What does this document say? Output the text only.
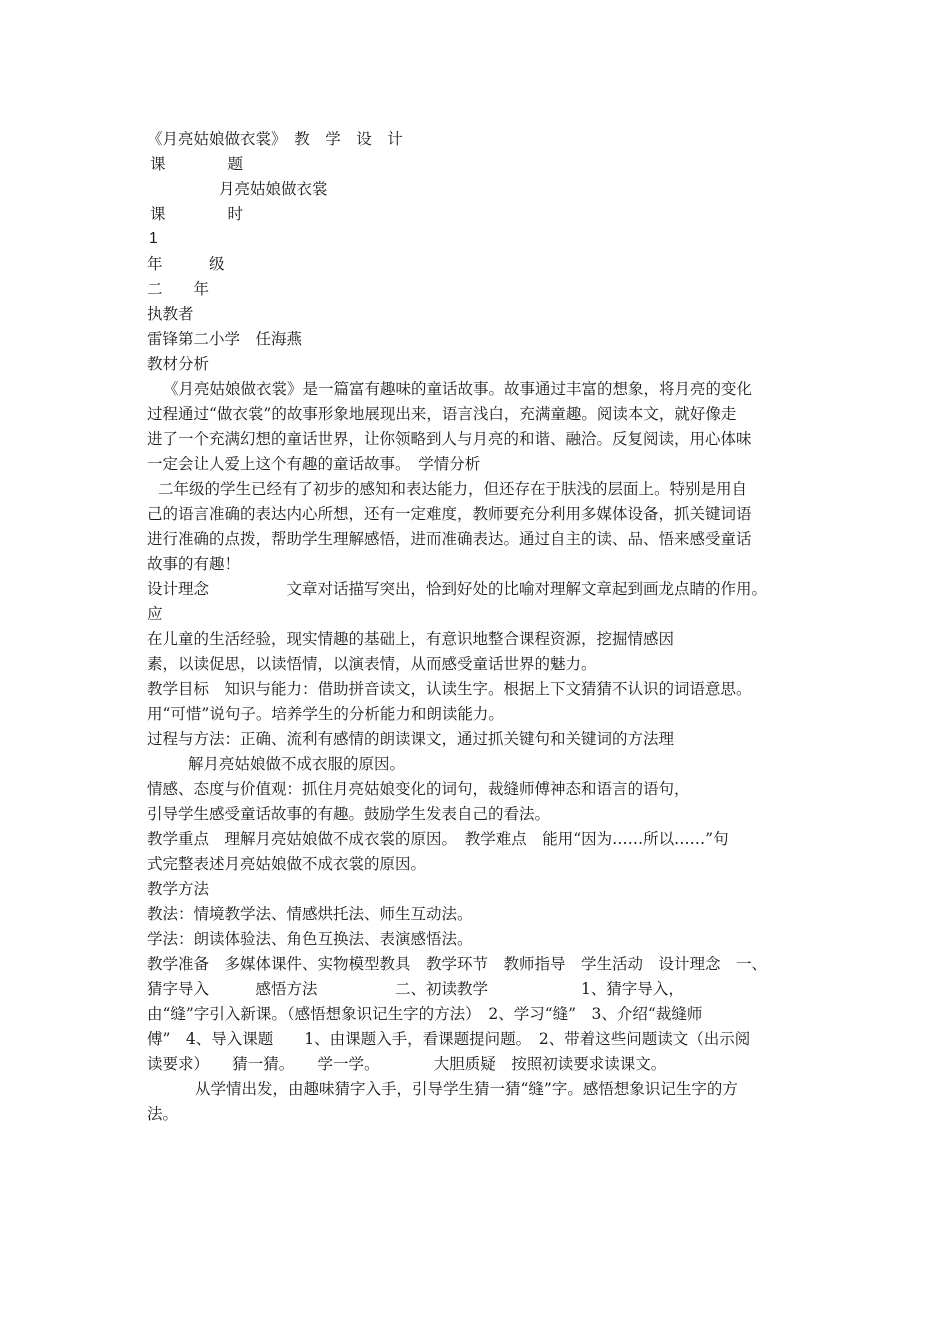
《月亮姑娘做衣裳》　教　学　设　计
课　　　　题
月亮姑娘做衣裳
课　　　　时
1
年　　　级
二　　年
执教者
雷锋第二小学　任海燕
教材分析
《月亮姑娘做衣裳》是一篇富有趣味的童话故事。故事通过丰富的想象，将月亮的变化
过程通过“做衣裳”的故事形象地展现出来，语言浅白，充满童趣。阅读本文，就好像走
进了一个充满幻想的童话世界，让你领略到人与月亮的和谐、融洽。反复阅读，用心体味
一定会让人爱上这个有趣的童话故事。　学情分析
二年级的学生已经有了初步的感知和表达能力，但还存在于肤浅的层面上。特别是用自
己的语言准确的表达内心所想，还有一定难度，教师要充分利用多媒体设备，抓关键词语
进行准确的点拨，帮助学生理解感悟，进而准确表达。通过自主的读、品、悟来感受童话
故事的有趣！
设计理念　　　　　文章对话描写突出，恰到好处的比喻对理解文章起到画龙点睛的作用。
应
在儿童的生活经验，现实情趣的基础上，有意识地整合课程资源，挖掘情感因
素，以读促思，以读悟情，以演表情，从而感受童话世界的魅力。
教学目标　知识与能力：借助拼音读文，认读生字。根据上下文猜猜不认识的词语意思。
用“可惜”说句子。培养学生的分析能力和朗读能力。
过程与方法：正确、流利有感情的朗读课文，通过抓关键句和关键词的方法理
解月亮姑娘做不成衣服的原因。
情感、态度与价值观：抓住月亮姑娘变化的词句，裁缝师傅神态和语言的语句，
引导学生感受童话故事的有趣。鼓励学生发表自己的看法。
教学重点　理解月亮姑娘做不成衣裳的原因。　教学难点　能用“因为……所以……”句
式完整表述月亮姑娘做不成衣裳的原因。
教学方法
教法：情境教学法、情感烘托法、师生互动法。
学法：朗读体验法、角色互换法、表演感悟法。
教学准备　多媒体课件、实物模型教具　教学环节　教师指导　学生活动　设计理念　一、
猜字导入　　　感悟方法　　　　　二、初读教学　　　　　　1、猜字导入，
由“缝”字引入新课。（感悟想象识记生字的方法）　2、学习“缝”　3、介绍“裁缝师
傅”　4、导入课题　　1、由课题入手，看课题提问题。　2、带着这些问题读文（出示阅
读要求）　　猜一猜。　　学一学。　　　　大胆质疑　按照初读要求读课文。
从学情出发，由趣味猜字入手，引导学生猜一猜“缝”字。感悟想象识记生字的方
法。
